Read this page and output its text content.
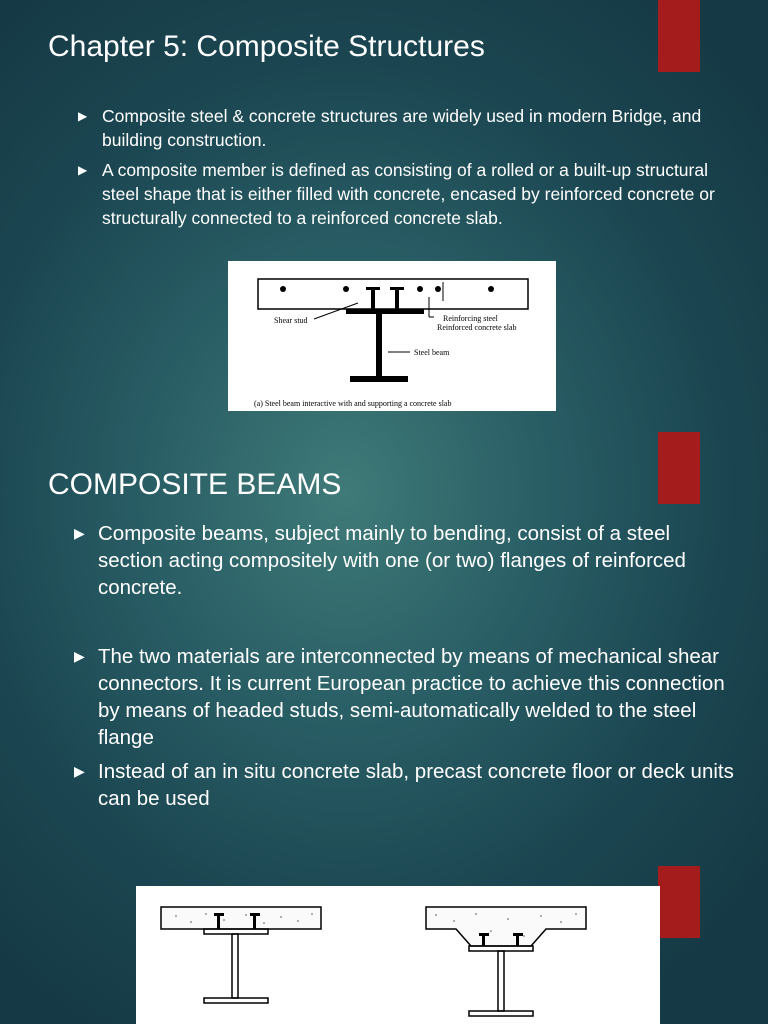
Chapter 5: Composite Structures
▶ Composite steel & concrete structures are widely used in modern Bridge, and building construction.
▶ A composite member is defined as consisting of a rolled or a built-up structural steel shape that is either filled with concrete, encased by reinforced concrete or structurally connected to a reinforced concrete slab.
Shear stud	Reinforcing steel
Reinforced concrete slab
Steel beam
(a) Steel beam interactive with and supporting a concrete slab
COMPOSITE BEAMS
▶ Composite beams, subject mainly to bending, consist of a steel section acting compositely with one (or two) flanges of reinforced concrete.
▶ The two materials are interconnected by means of mechanical shear connectors. It is current European practice to achieve this connection by means of headed studs, semi-automatically welded to the steel flange
▶ Instead of an in situ concrete slab, precast concrete floor or deck units can be used
